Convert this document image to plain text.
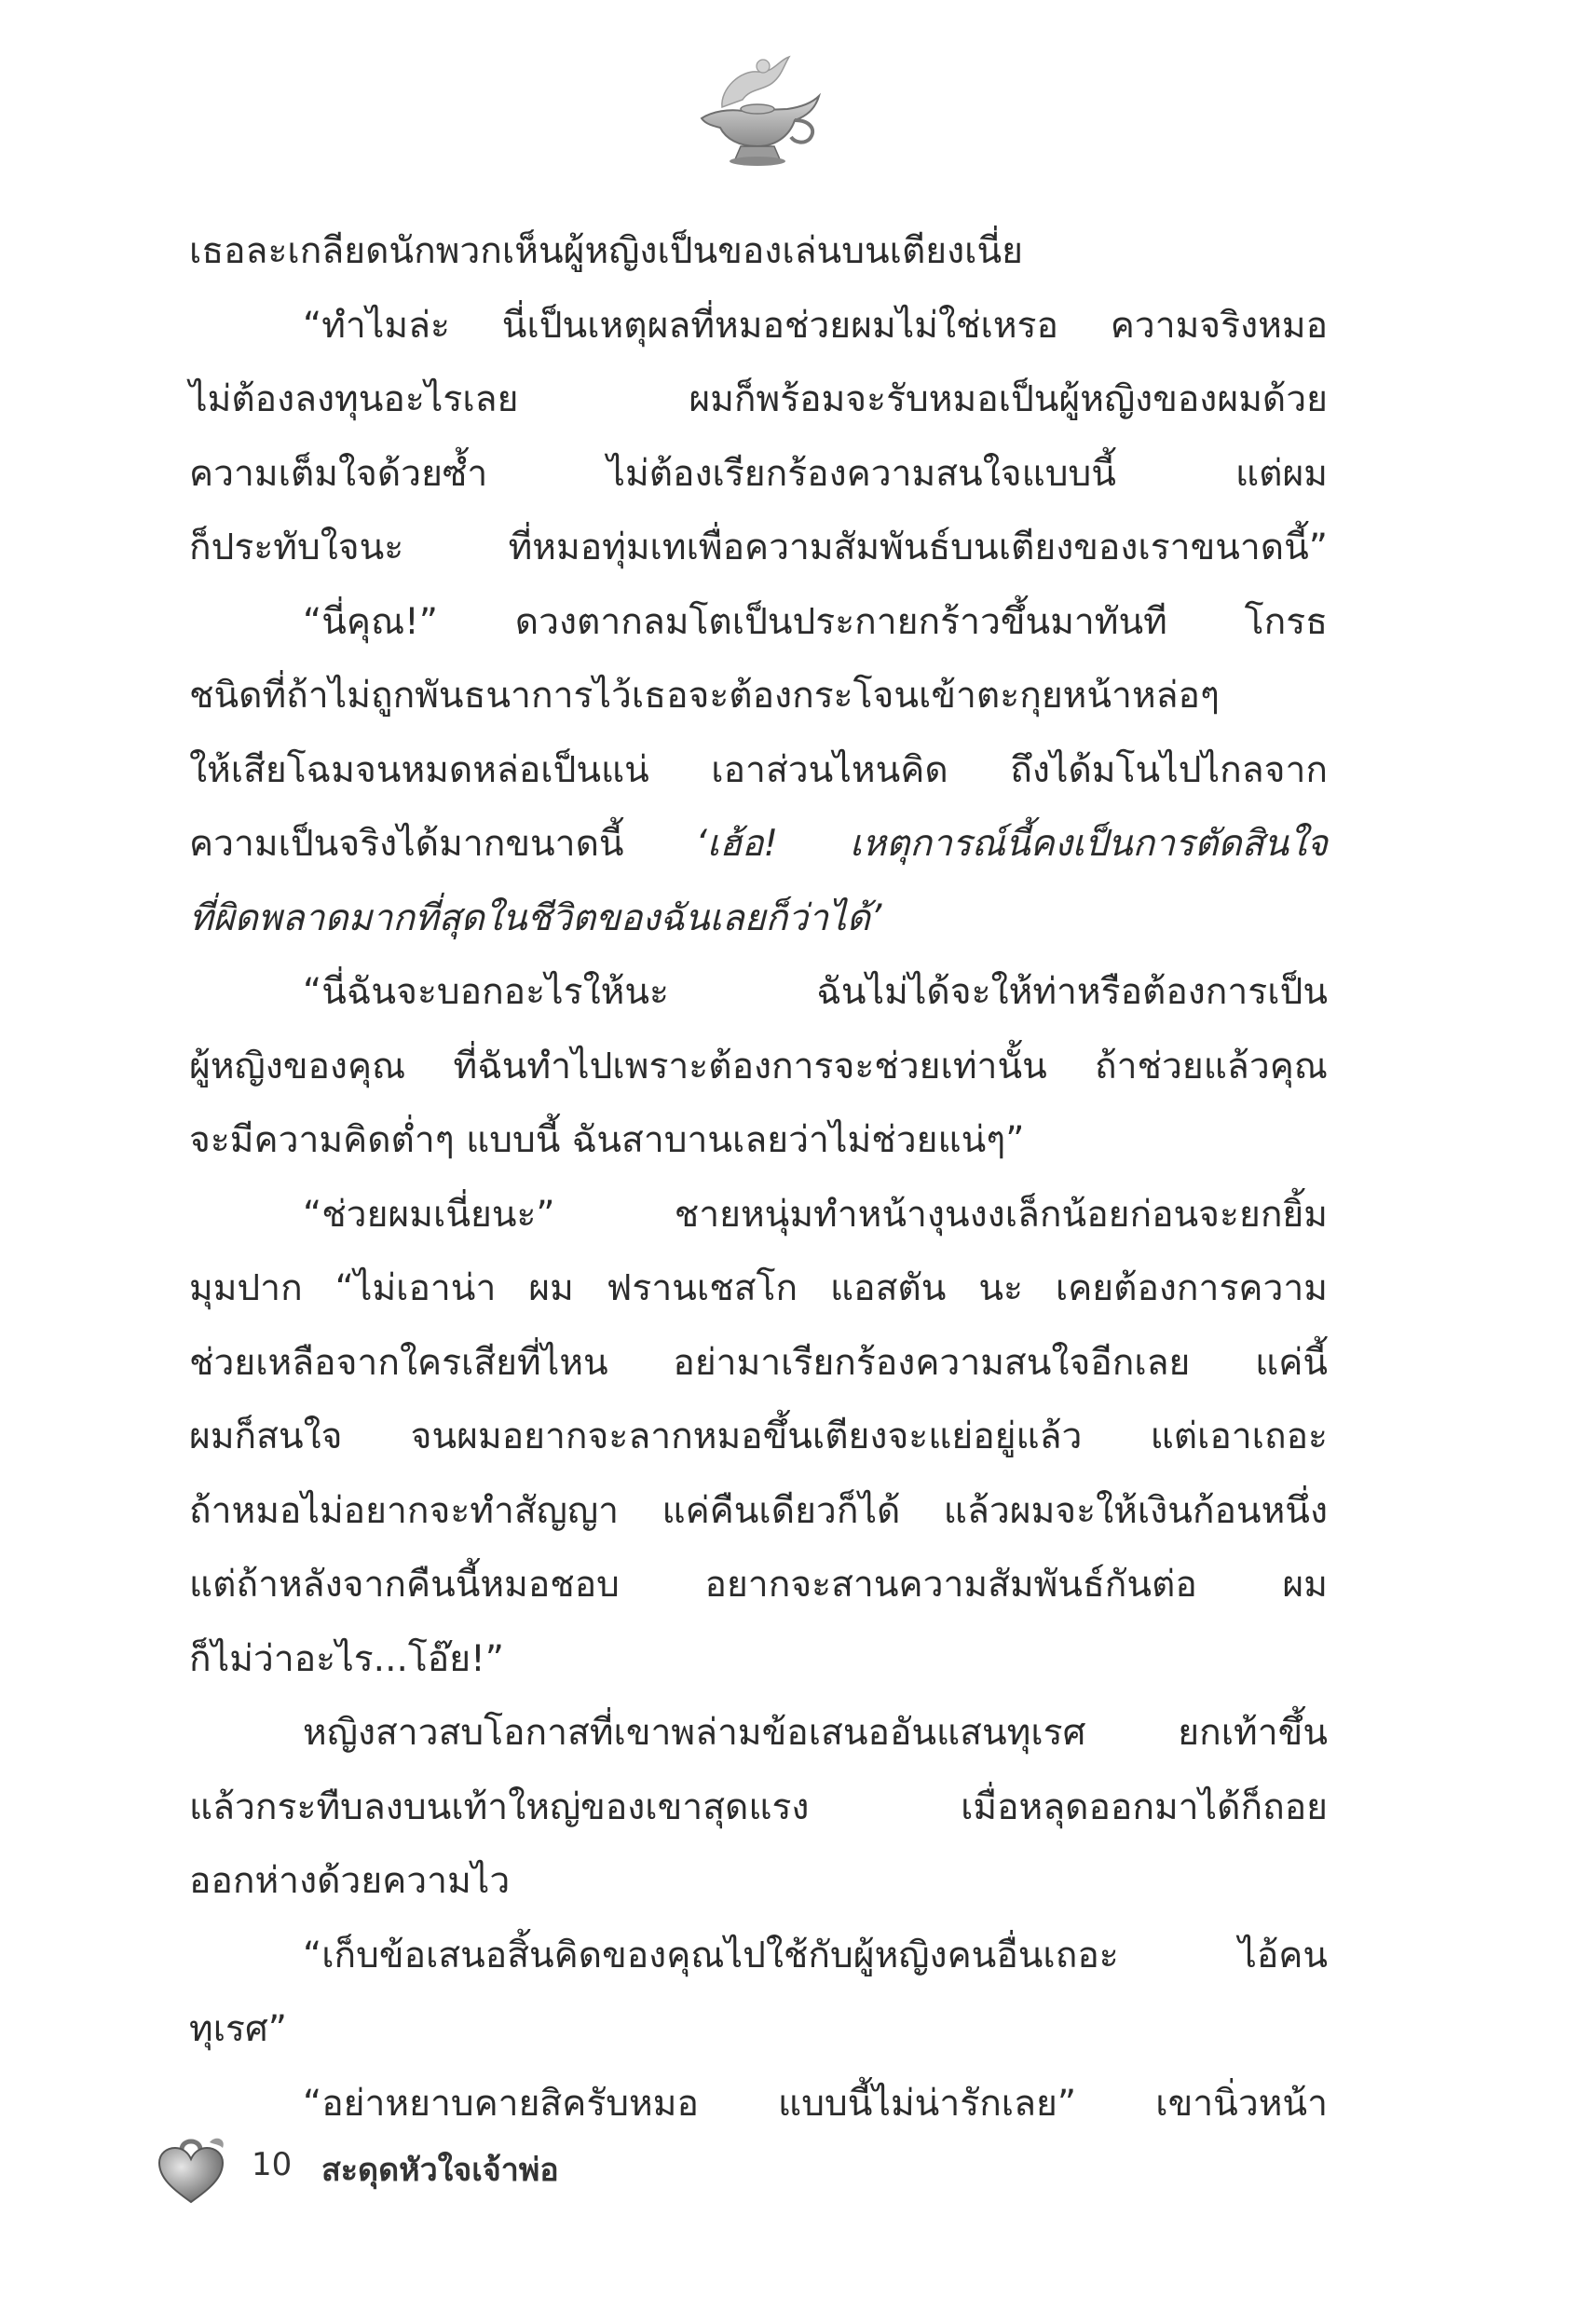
เธอละเกลียดนักพวกเห็นผู้หญิงเป็นของเล่นบนเตียงเนี่ย
“ทำไมล่ะ นี่เป็นเหตุผลที่หมอช่วยผมไม่ใช่เหรอ ความจริงหมอ
ไม่ต้องลงทุนอะไรเลย ผมก็พร้อมจะรับหมอเป็นผู้หญิงของผมด้วย
ความเต็มใจด้วยซ้ำ ไม่ต้องเรียกร้องความสนใจแบบนี้ แต่ผม
ก็ประทับใจนะ ที่หมอทุ่มเทเพื่อความสัมพันธ์บนเตียงของเราขนาดนี้”
“นี่คุณ!” ดวงตากลมโตเป็นประกายกร้าวขึ้นมาทันที โกรธ
ชนิดที่ถ้าไม่ถูกพันธนาการไว้เธอจะต้องกระโจนเข้าตะกุยหน้าหล่อๆ
ให้เสียโฉมจนหมดหล่อเป็นแน่ เอาส่วนไหนคิด ถึงได้มโนไปไกลจาก
ความเป็นจริงได้มากขนาดนี้ ‘เฮ้อ! เหตุการณ์นี้คงเป็นการตัดสินใจ
ที่ผิดพลาดมากที่สุดในชีวิตของฉันเลยก็ว่าได้’
“นี่ฉันจะบอกอะไรให้นะ ฉันไม่ได้จะให้ท่าหรือต้องการเป็น
ผู้หญิงของคุณ ที่ฉันทำไปเพราะต้องการจะช่วยเท่านั้น ถ้าช่วยแล้วคุณ
จะมีความคิดต่ำๆ แบบนี้ ฉันสาบานเลยว่าไม่ช่วยแน่ๆ”
“ช่วยผมเนี่ยนะ” ชายหนุ่มทำหน้างุนงงเล็กน้อยก่อนจะยกยิ้ม
มุมปาก “ไม่เอาน่า ผม ฟรานเชสโก แอสตัน นะ เคยต้องการความ
ช่วยเหลือจากใครเสียที่ไหน อย่ามาเรียกร้องความสนใจอีกเลย แค่นี้
ผมก็สนใจ จนผมอยากจะลากหมอขึ้นเตียงจะแย่อยู่แล้ว แต่เอาเถอะ
ถ้าหมอไม่อยากจะทำสัญญา แค่คืนเดียวก็ได้ แล้วผมจะให้เงินก้อนหนึ่ง
แต่ถ้าหลังจากคืนนี้หมอชอบ อยากจะสานความสัมพันธ์กันต่อ ผม
ก็ไม่ว่าอะไร...โอ๊ย!”
หญิงสาวสบโอกาสที่เขาพล่ามข้อเสนออันแสนทุเรศ ยกเท้าขึ้น
แล้วกระทืบลงบนเท้าใหญ่ของเขาสุดแรง เมื่อหลุดออกมาได้ก็ถอย
ออกห่างด้วยความไว
“เก็บข้อเสนอสิ้นคิดของคุณไปใช้กับผู้หญิงคนอื่นเถอะ ไอ้คน
ทุเรศ”
“อย่าหยาบคายสิครับหมอ แบบนี้ไม่น่ารักเลย” เขานิ่วหน้า
10 สะดุดหัวใจเจ้าพ่อ
